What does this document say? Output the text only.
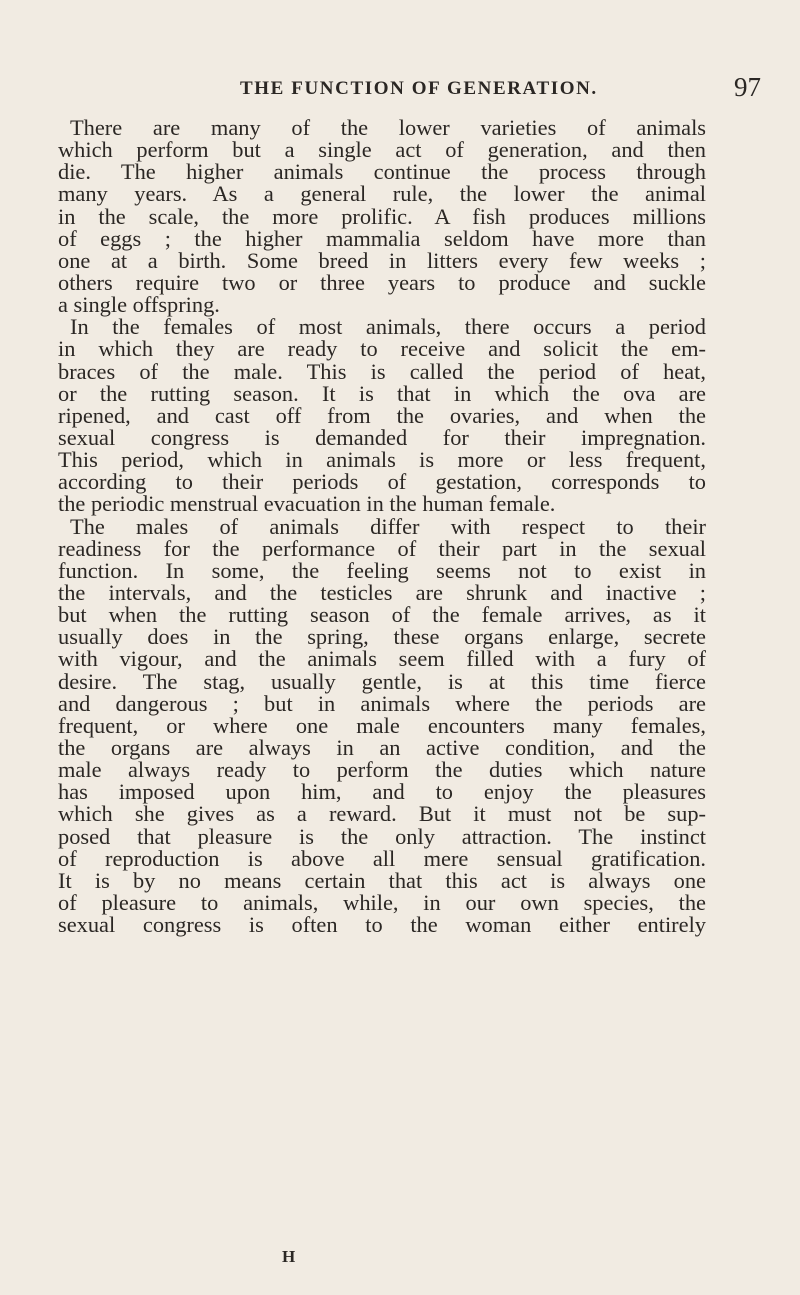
THE FUNCTION OF GENERATION.	97
There are many of the lower varieties of animals
which perform but a single act of generation, and then
die. The higher animals continue the process through
many years. As a general rule, the lower the animal
in the scale, the more prolific. A fish produces millions
of eggs ; the higher mammalia seldom have more than
one at a birth. Some breed in litters every few weeks ;
others require two or three years to produce and suckle
a single offspring.
In the females of most animals, there occurs a period
in which they are ready to receive and solicit the em-
braces of the male. This is called the period of heat,
or the rutting season. It is that in which the ova are
ripened, and cast off from the ovaries, and when the
sexual congress is demanded for their impregnation.
This period, which in animals is more or less frequent,
according to their periods of gestation, corresponds to
the periodic menstrual evacuation in the human female.
The males of animals differ with respect to their
readiness for the performance of their part in the sexual
function. In some, the feeling seems not to exist in
the intervals, and the testicles are shrunk and inactive ;
but when the rutting season of the female arrives, as it
usually does in the spring, these organs enlarge, secrete
with vigour, and the animals seem filled with a fury of
desire. The stag, usually gentle, is at this time fierce
and dangerous ; but in animals where the periods are
frequent, or where one male encounters many females,
the organs are always in an active condition, and the
male always ready to perform the duties which nature
has imposed upon him, and to enjoy the pleasures
which she gives as a reward. But it must not be sup-
posed that pleasure is the only attraction. The instinct
of reproduction is above all mere sensual gratification.
It is by no means certain that this act is always one
of pleasure to animals, while, in our own species, the
sexual congress is often to the woman either entirely
H
